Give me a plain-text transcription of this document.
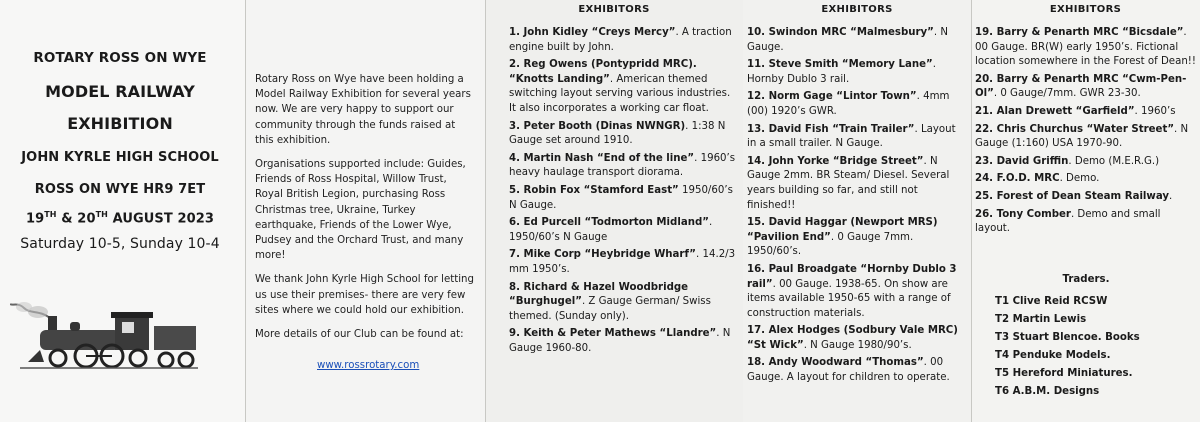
ROTARY ROSS ON WYE
MODEL RAILWAY
EXHIBITION
JOHN KYRLE HIGH SCHOOL
ROSS ON WYE HR9 7ET
19TH & 20TH AUGUST 2023
Saturday 10-5, Sunday 10-4

Rotary Ross on Wye have been holding a Model Railway Exhibition for several years now. We are very happy to support our community through the funds raised at this exhibition.

Organisations supported include: Guides, Friends of Ross Hospital, Willow Trust, Royal British Legion, purchasing Ross Christmas tree, Ukraine, Turkey earthquake, Friends of the Lower Wye, Pudsey and the Orchard Trust, and many more!

We thank John Kyrle High School for letting us use their premises- there are very few sites where we could hold our exhibition.

More details of our Club can be found at:

www.rossrotary.com
EXHIBITORS
1. John Kidley “Creys Mercy”. A traction engine built by John.
2. Reg Owens (Pontypridd MRC). “Knotts Landing”. American themed switching layout serving various industries. It also incorporates a working car float.
3. Peter Booth (Dinas NWNGR). 1:38 N Gauge set around 1910.
4. Martin Nash “End of the line”. 1960’s heavy haulage transport diorama.
5. Robin Fox “Stamford East” 1950/60’s N Gauge.
6. Ed Purcell “Todmorton Midland”. 1950/60’s N Gauge
7. Mike Corp “Heybridge Wharf”. 14.2/3 mm 1950’s.
8. Richard & Hazel Woodbridge “Burghugel”. Z Gauge German/ Swiss themed. (Sunday only).
9. Keith & Peter Mathews “Llandre”. N Gauge 1960-80.
EXHIBITORS
10. Swindon MRC “Malmesbury”. N Gauge.
11. Steve Smith “Memory Lane”. Hornby Dublo 3 rail.
12. Norm Gage “Lintor Town”. 4mm (00) 1920’s GWR.
13. David Fish “Train Trailer”. Layout in a small trailer. N Gauge.
14. John Yorke “Bridge Street”. N Gauge 2mm. BR Steam/ Diesel. Several years building so far, and still not finished!!
15. David Haggar (Newport MRS) “Pavilion End”. 0 Gauge 7mm. 1950/60’s.
16. Paul Broadgate “Hornby Dublo 3 rail”. 00 Gauge. 1938-65. On show are items available 1950-65 with a range of construction materials.
17. Alex Hodges (Sodbury Vale MRC) “St Wick”. N Gauge 1980/90’s.
18. Andy Woodward “Thomas”. 00 Gauge. A layout for children to operate.
EXHIBITORS
19. Barry & Penarth MRC “Bicsdale”. 00 Gauge. BR(W) early 1950’s. Fictional location somewhere in the Forest of Dean!!
20. Barry & Penarth MRC “Cwm-Pen-Ol”. 0 Gauge/7mm. GWR 23-30.
21. Alan Drewett “Garfield”. 1960’s
22. Chris Churchus “Water Street”. N Gauge (1:160) USA 1970-90.
23. David Griffin. Demo (M.E.R.G.)
24. F.O.D. MRC. Demo.
25. Forest of Dean Steam Railway.
26. Tony Comber. Demo and small layout.
Traders.
T1 Clive Reid RCSW
T2 Martin Lewis
T3 Stuart Blencoe. Books
T4 Penduke Models.
T5 Hereford Miniatures.
T6 A.B.M. Designs
